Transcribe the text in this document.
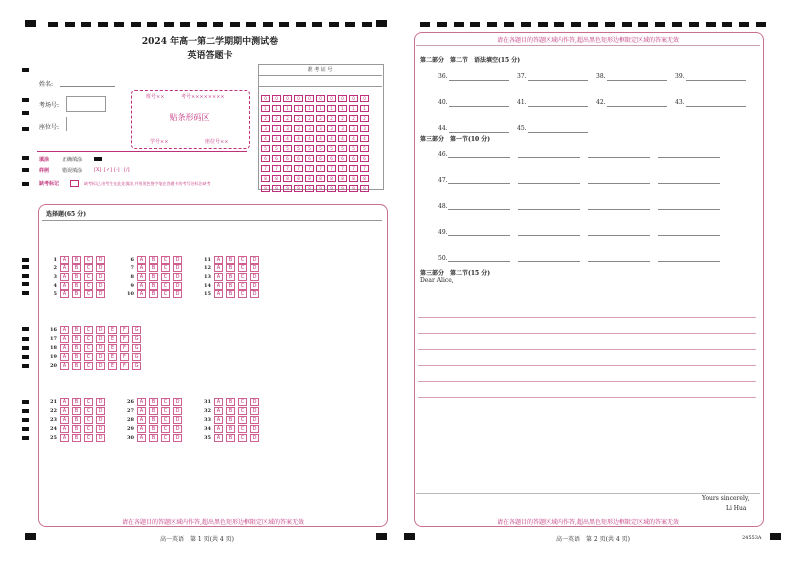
2024 年高一第二学期期中测试卷
英语答题卡
姓名:
考场号:
座位号:
班号××	考号××××××××
贴条形码区
学号××	座位号××
准 考 证 号
0 0 0 0 0 0 0 0 0 0
1 1 1 1 1 1 1 1 1 1
2 2 2 2 2 2 2 2 2 2
3 3 3 3 3 3 3 3 3 3
4 4 4 4 4 4 4 4 4 4
5 5 5 5 5 5 5 5 5 5
6 6 6 6 6 6 6 6 6 6
7 7 7 7 7 7 7 7 7 7
8 8 8 8 8 8 8 8 8 8
9 9 9 9 9 9 9 9 9 9
填涂
样例
正确填涂
错误填涂 [X] [✓] [-] [/]
缺考标记	缺考标记,由考生在此处填涂,并用黑色签字笔在答题卡的考号处标注缺考
选择题(65 分)
1 A B C D
2 A B C D
3 A B C D
4 A B C D
5 A B C D
6 A B C D
7 A B C D
8 A B C D
9 A B C D
10 A B C D
11 A B C D
12 A B C D
13 A B C D
14 A B C D
15 A B C D
16 A B C D E F G
17 A B C D E F G
18 A B C D E F G
19 A B C D E F G
20 A B C D E F G
21 A B C D
22 A B C D
23 A B C D
24 A B C D
25 A B C D
26 A B C D
27 A B C D
28 A B C D
29 A B C D
30 A B C D
31 A B C D
32 A B C D
33 A B C D
34 A B C D
35 A B C D
请在各题目的答题区域内作答,超出黑色矩形边框限定区域的答案无效
请在各题目的答题区域内作答,超出黑色矩形边框限定区域的答案无效
第二部分　第二节　语法填空(15 分)
36.	37.	38.	39.
40.	41.	42.	43.
44.	45.
第三部分　第一节(10 分)
46.
47.
48.
49.
50.
第三部分　第二节(15 分)
Dear Alice,
Yours sincerely,
Li Hua
请在各题目的答题区域内作答,超出黑色矩形边框限定区域的答案无效
高一英语　第 1 页(共 4 页)	高一英语　第 2 页(共 4 页)	24553A
